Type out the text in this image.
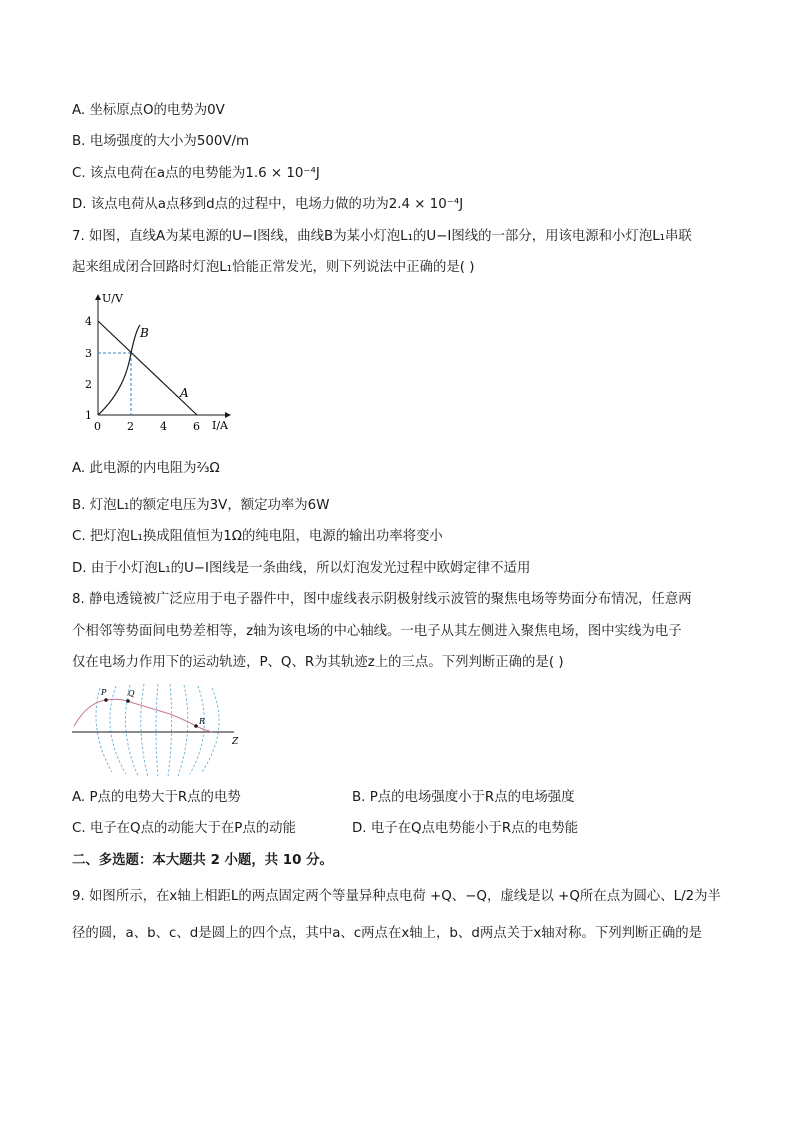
A. 坐标原点O的电势为0V
B. 电场强度的大小为500V/m
C. 该点电荷在a点的电势能为1.6 × 10⁻⁴J
D. 该点电荷从a点移到d点的过程中，电场力做的功为2.4 × 10⁻⁴J
7. 如图，直线A为某电源的U−I图线，曲线B为某小灯泡L₁的U−I图线的一部分，用该电源和小灯泡L₁串联
起来组成闭合回路时灯泡L₁恰能正常发光，则下列说法中正确的是( )
U/V
I/A
4
3
2
1
0 2 4 6
B
A
A. 此电源的内电阻为⅔Ω
B. 灯泡L₁的额定电压为3V，额定功率为6W
C. 把灯泡L₁换成阻值恒为1Ω的纯电阻，电源的输出功率将变小
D. 由于小灯泡L₁的U−I图线是一条曲线，所以灯泡发光过程中欧姆定律不适用
8. 静电透镜被广泛应用于电子器件中，图中虚线表示阴极射线示波管的聚焦电场等势面分布情况，任意两
个相邻等势面间电势差相等，z轴为该电场的中心轴线。一电子从其左侧进入聚焦电场，图中实线为电子
仅在电场力作用下的运动轨迹，P、Q、R为其轨迹z上的三点。下列判断正确的是( )
Z
P	Q
R
A. P点的电势大于R点的电势	B. P点的电场强度小于R点的电场强度
C. 电子在Q点的动能大于在P点的动能	D. 电子在Q点电势能小于R点的电势能
二、多选题：本大题共 2 小题，共 10 分。
9. 如图所示，在x轴上相距L的两点固定两个等量异种点电荷 +Q、−Q，虚线是以 +Q所在点为圆心、L/2为半
径的圆，a、b、c、d是圆上的四个点，其中a、c两点在x轴上，b、d两点关于x轴对称。下列判断正确的是
